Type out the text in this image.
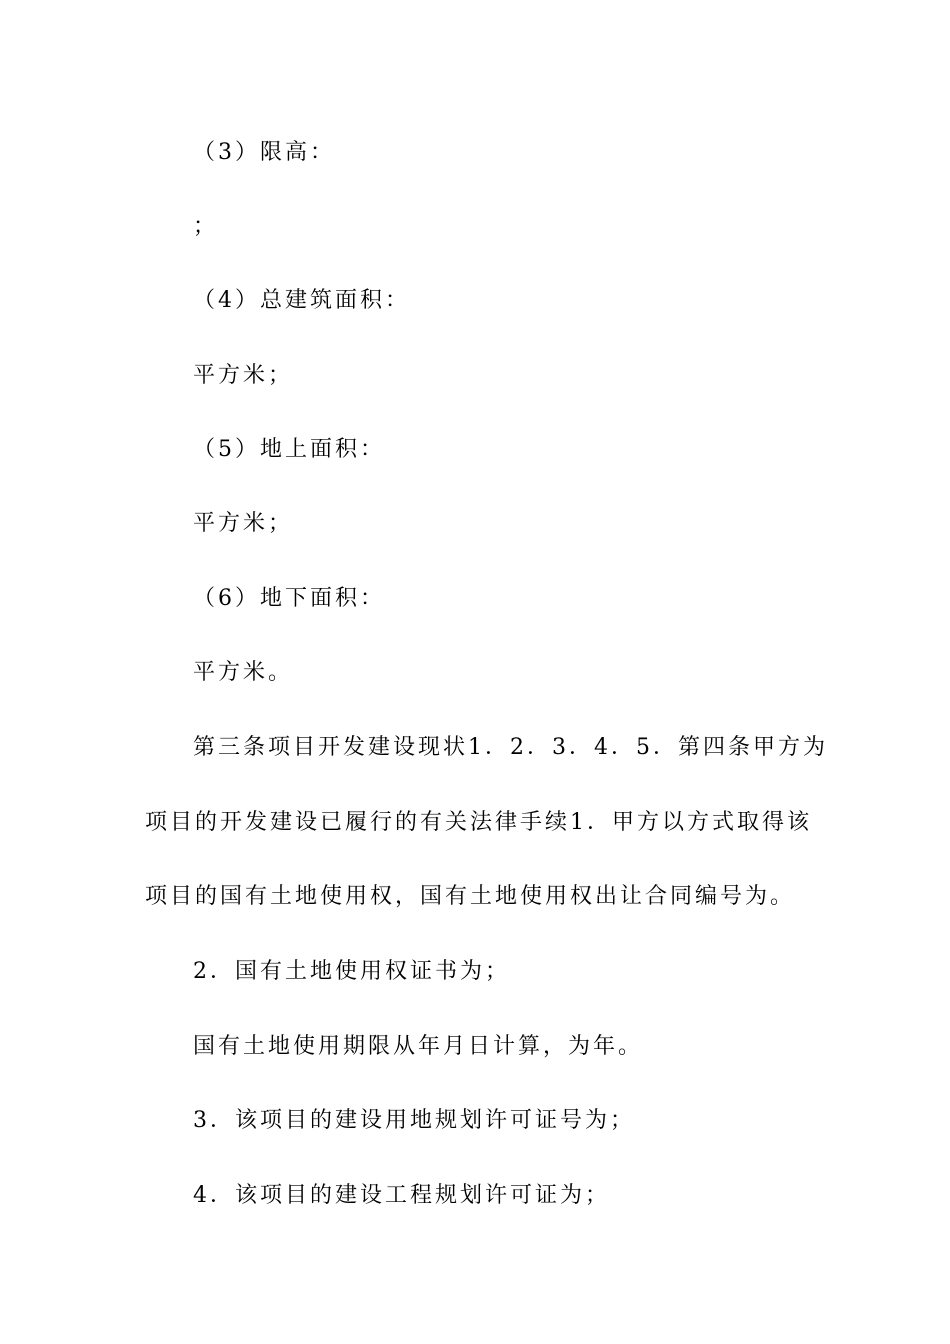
（3）限高：

；

（4）总建筑面积：

平方米；

（5）地上面积：

平方米；

（6）地下面积：

平方米。

第三条项目开发建设现状1．2．3．4．5．第四条甲方为

项目的开发建设已履行的有关法律手续1．甲方以方式取得该

项目的国有土地使用权，国有土地使用权出让合同编号为。

2．国有土地使用权证书为；

国有土地使用期限从年月日计算，为年。

3．该项目的建设用地规划许可证号为；

4．该项目的建设工程规划许可证为；
